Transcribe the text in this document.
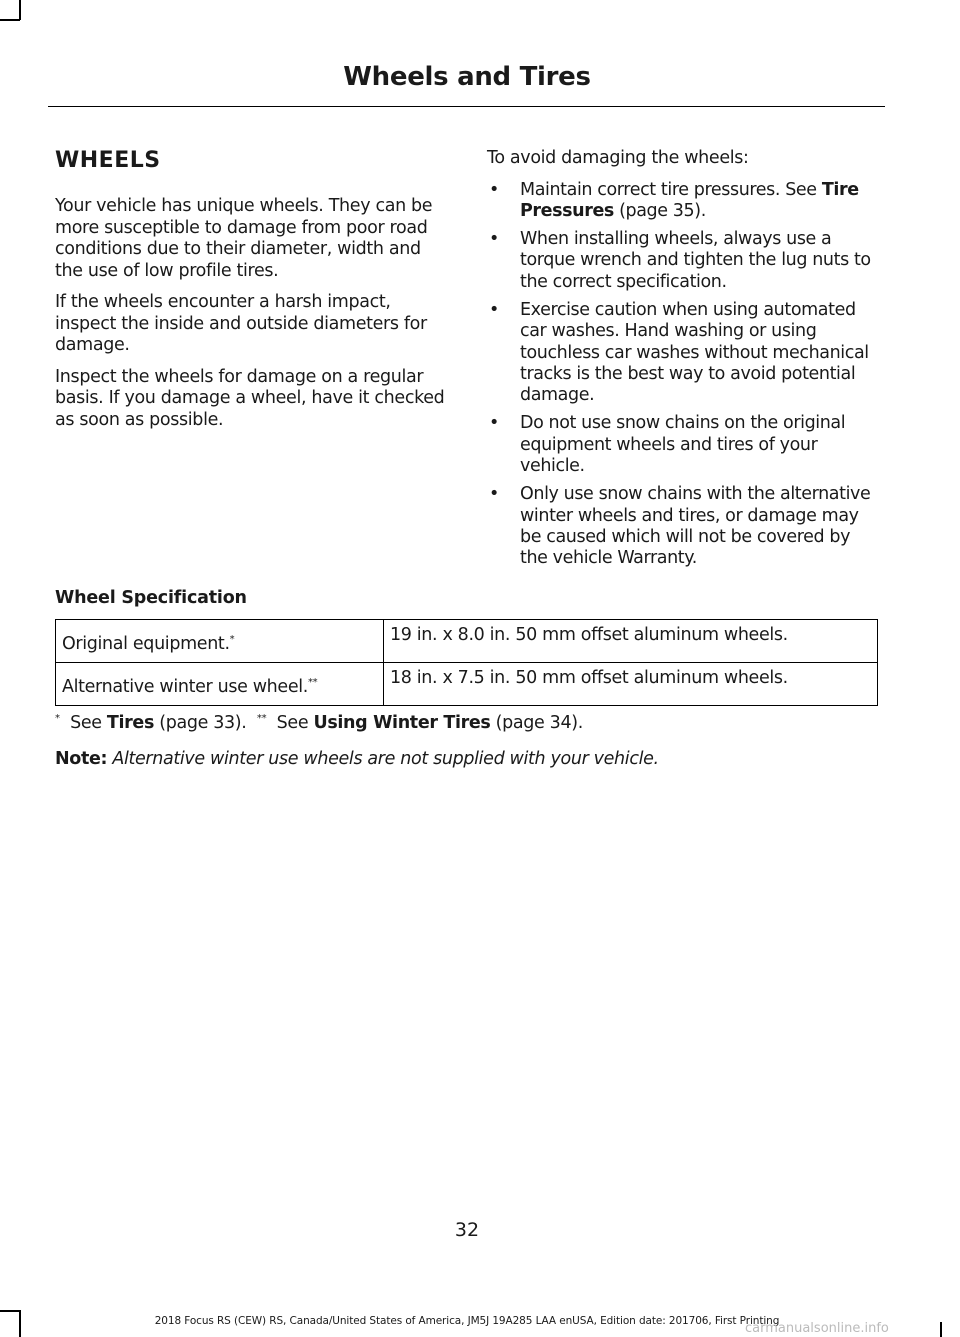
Wheels and Tires
WHEELS

Your vehicle has unique wheels. They can be more susceptible to damage from poor road conditions due to their diameter, width and the use of low profile tires.

If the wheels encounter a harsh impact, inspect the inside and outside diameters for damage.

Inspect the wheels for damage on a regular basis. If you damage a wheel, have it checked as soon as possible.

To avoid damaging the wheels:

• Maintain correct tire pressures. See Tire Pressures (page 35).
• When installing wheels, always use a torque wrench and tighten the lug nuts to the correct specification.
• Exercise caution when using automated car washes. Hand washing or using touchless car washes without mechanical tracks is the best way to avoid potential damage.
• Do not use snow chains on the original equipment wheels and tires of your vehicle.
• Only use snow chains with the alternative winter wheels and tires, or damage may be caused which will not be covered by the vehicle Warranty.
Wheel Specification
Original equipment.*	19 in. x 8.0 in. 50 mm offset aluminum wheels.
Alternative winter use wheel.**	18 in. x 7.5 in. 50 mm offset aluminum wheels.
* See Tires (page 33). ** See Using Winter Tires (page 34).
Note: Alternative winter use wheels are not supplied with your vehicle.
32
2018 Focus RS (CEW) RS, Canada/United States of America, JM5J 19A285 LAA enUSA, Edition date: 201706, First Printing
carmanualsonline.info
